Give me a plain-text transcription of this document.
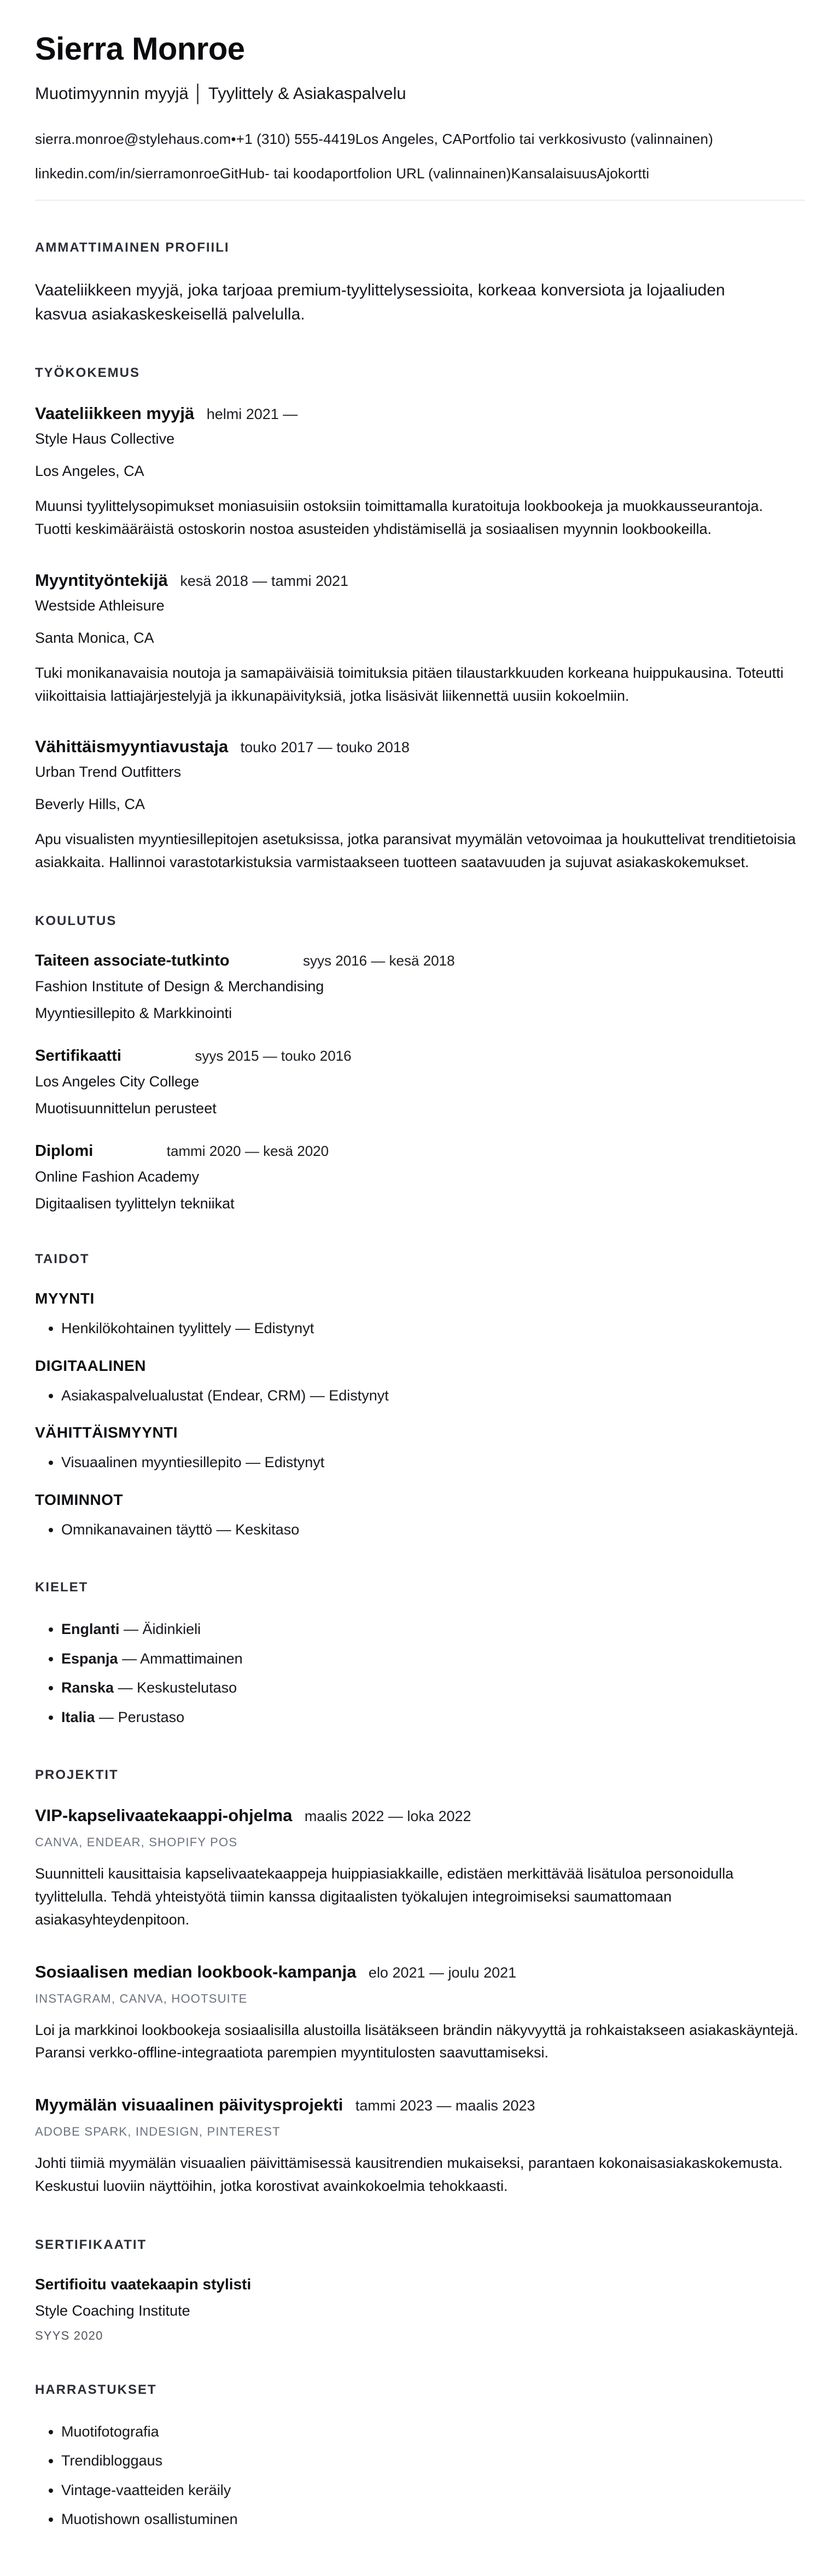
Sierra Monroe
Muotimyynnin myyjä │ Tyylittely & Asiakaspalvelu
sierra.monroe@stylehaus.com•+1 (310) 555-4419Los Angeles, CAPortfolio tai verkkosivusto (valinnainen)
linkedin.com/in/sierramonroeGitHub- tai koodaportfolion URL (valinnainen)KansalaisuusAjokortti
AMMATTIMAINEN PROFIILI

Vaateliikkeen myyjä, joka tarjoaa premium-tyylittelysessioita, korkeaa konversiota ja lojaaliuden kasvua asiakaskeskeisellä palvelulla.

TYÖKOKEMUS
Vaateliikkeen myyjä helmi 2021 —
Style Haus Collective
Los Angeles, CA

Muunsi tyylittelysopimukset moniasuisiin ostoksiin toimittamalla kuratoituja lookbookeja ja muokkausseurantoja. Tuotti keskimääräistä ostoskorin nostoa asusteiden yhdistämisellä ja sosiaalisen myynnin lookbookeilla.

Myyntityöntekijä kesä 2018 — tammi 2021
Westside Athleisure
Santa Monica, CA

Tuki monikanavaisia noutoja ja samapäiväisiä toimituksia pitäen tilaustarkkuuden korkeana huippukausina. Toteutti viikoittaisia lattiajärjestelyjä ja ikkunapäivityksiä, jotka lisäsivät liikennettä uusiin kokoelmiin.

Vähittäismyyntiavustaja touko 2017 — touko 2018
Urban Trend Outfitters
Beverly Hills, CA

Apu visualisten myyntiesillepitojen asetuksissa, jotka paransivat myymälän vetovoimaa ja houkuttelivat trenditietoisia asiakkaita. Hallinnoi varastotarkistuksia varmistaakseen tuotteen saatavuuden ja sujuvat asiakaskokemukset.

KOULUTUS
Taiteen associate-tutkinto	syys 2016 — kesä 2018
Fashion Institute of Design & Merchandising
Myyntiesillepito & Markkinointi
Sertifikaatti	syys 2015 — touko 2016
Los Angeles City College
Muotisuunnittelun perusteet
Diplomi	tammi 2020 — kesä 2020
Online Fashion Academy
Digitaalisen tyylittelyn tekniikat
TAIDOT
MYYNTI
• Henkilökohtainen tyylittely — Edistynyt
DIGITAALINEN
• Asiakaspalvelualustat (Endear, CRM) — Edistynyt
VÄHITTÄISMYYNTI
• Visuaalinen myyntiesillepito — Edistynyt
TOIMINNOT
• Omnikanavainen täyttö — Keskitaso
KIELET
• Englanti — Äidinkieli
• Espanja — Ammattimainen
• Ranska — Keskustelutaso
• Italia — Perustaso
PROJEKTIT
VIP-kapselivaatekaappi-ohjelma maalis 2022 — loka 2022
CANVA, ENDEAR, SHOPIFY POS

Suunnitteli kausittaisia kapselivaatekaappeja huippiasiakkaille, edistäen merkittävää lisätuloa personoidulla tyylittelulla. Tehdä yhteistyötä tiimin kanssa digitaalisten työkalujen integroimiseksi saumattomaan asiakasyhteydenpitoon.

Sosiaalisen median lookbook-kampanja elo 2021 — joulu 2021
INSTAGRAM, CANVA, HOOTSUITE

Loi ja markkinoi lookbookeja sosiaalisilla alustoilla lisätäkseen brändin näkyvyyttä ja rohkaistakseen asiakaskäyntejä. Paransi verkko-offline-integraatiota parempien myyntitulosten saavuttamiseksi.

Myymälän visuaalinen päivitysprojekti tammi 2023 — maalis 2023
ADOBE SPARK, INDESIGN, PINTEREST

Johti tiimiä myymälän visuaalien päivittämisessä kausitrendien mukaiseksi, parantaen kokonaisasiakaskokemusta. Keskustui luoviin näyttöihin, jotka korostivat avainkokoelmia tehokkaasti.

SERTIFIKAATIT
Sertifioitu vaatekaapin stylisti
Style Coaching Institute
SYYS 2020
HARRASTUKSET
• Muotifotografia
• Trendibloggaus
• Vintage-vaatteiden keräily
• Muotishown osallistuminen
